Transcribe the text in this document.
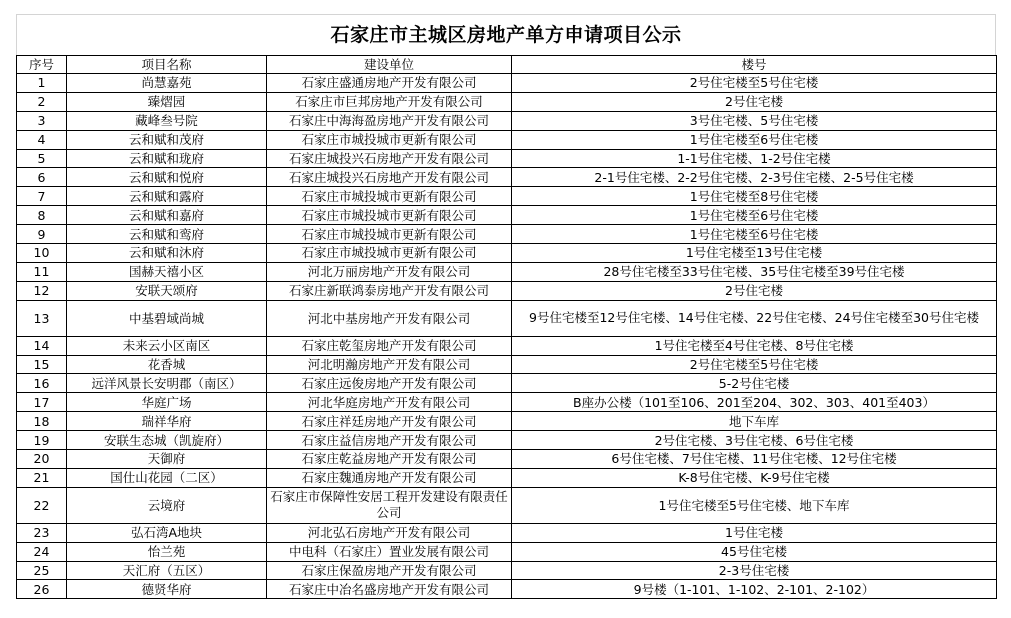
石家庄市主城区房地产单方申请项目公示
序号	项目名称	建设单位	楼号
1	尚慧嘉苑	石家庄盛通房地产开发有限公司	2号住宅楼至5号住宅楼
2	臻熠园	石家庄市巨邦房地产开发有限公司	2号住宅楼
3	藏峰叁号院	石家庄中海海盈房地产开发有限公司	3号住宅楼、5号住宅楼
4	云和赋和茂府	石家庄市城投城市更新有限公司	1号住宅楼至6号住宅楼
5	云和赋和珑府	石家庄城投兴石房地产开发有限公司	1-1号住宅楼、1-2号住宅楼
6	云和赋和悦府	石家庄城投兴石房地产开发有限公司	2-1号住宅楼、2-2号住宅楼、2-3号住宅楼、2-5号住宅楼
7	云和赋和露府	石家庄市城投城市更新有限公司	1号住宅楼至8号住宅楼
8	云和赋和嘉府	石家庄市城投城市更新有限公司	1号住宅楼至6号住宅楼
9	云和赋和鸾府	石家庄市城投城市更新有限公司	1号住宅楼至6号住宅楼
10	云和赋和沐府	石家庄市城投城市更新有限公司	1号住宅楼至13号住宅楼
11	国赫天禧小区	河北万丽房地产开发有限公司	28号住宅楼至33号住宅楼、35号住宅楼至39号住宅楼
12	安联天颂府	石家庄新联鸿泰房地产开发有限公司	2号住宅楼
13	中基碧域尚城	河北中基房地产开发有限公司	9号住宅楼至12号住宅楼、14号住宅楼、22号住宅楼、24号住宅楼至30号住宅楼
14	未来云小区南区	石家庄乾玺房地产开发有限公司	1号住宅楼至4号住宅楼、8号住宅楼
15	花香城	河北明瀚房地产开发有限公司	2号住宅楼至5号住宅楼
16	远洋风景长安明郡（南区）	石家庄远俊房地产开发有限公司	5-2号住宅楼
17	华庭广场	河北华庭房地产开发有限公司	B座办公楼（101至106、201至204、302、303、401至403）
18	瑞祥华府	石家庄祥廷房地产开发有限公司	地下车库
19	安联生态城（凯旋府）	石家庄益信房地产开发有限公司	2号住宅楼、3号住宅楼、6号住宅楼
20	天御府	石家庄乾益房地产开发有限公司	6号住宅楼、7号住宅楼、11号住宅楼、12号住宅楼
21	国仕山花园（二区）	石家庄魏通房地产开发有限公司	K-8号住宅楼、K-9号住宅楼
22	云境府	石家庄市保障性安居工程开发建设有限责任公司	1号住宅楼至5号住宅楼、地下车库
23	弘石湾A地块	河北弘石房地产开发有限公司	1号住宅楼
24	怡兰苑	中电科（石家庄）置业发展有限公司	45号住宅楼
25	天汇府（五区）	石家庄保盈房地产开发有限公司	2-3号住宅楼
26	德贤华府	石家庄中冶名盛房地产开发有限公司	9号楼（1-101、1-102、2-101、2-102）
